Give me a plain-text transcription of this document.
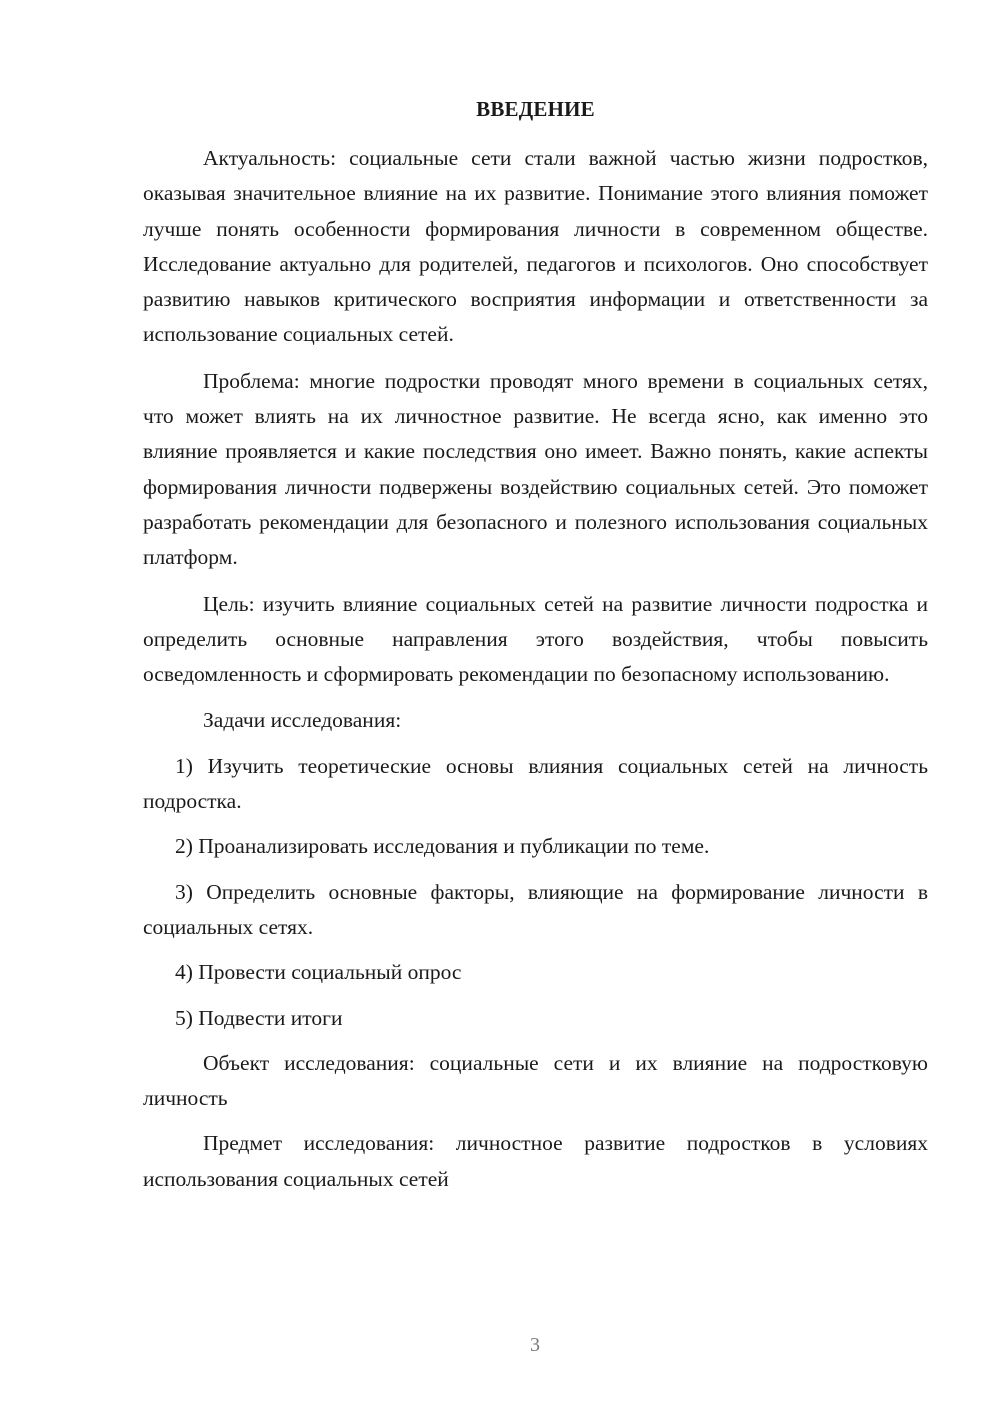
ВВЕДЕНИЕ

Актуальность: социальные сети стали важной частью жизни подростков, оказывая значительное влияние на их развитие. Понимание этого влияния поможет лучше понять особенности формирования личности в современном обществе. Исследование актуально для родителей, педагогов и психологов. Оно способствует развитию навыков критического восприятия информации и ответственности за использование социальных сетей.

Проблема: многие подростки проводят много времени в социальных сетях, что может влиять на их личностное развитие. Не всегда ясно, как именно это влияние проявляется и какие последствия оно имеет. Важно понять, какие аспекты формирования личности подвержены воздействию социальных сетей. Это поможет разработать рекомендации для безопасного и полезного использования социальных платформ.

Цель: изучить влияние социальных сетей на развитие личности подростка и определить основные направления этого воздействия, чтобы повысить осведомленность и сформировать рекомендации по безопасному использованию.

Задачи исследования:

1) Изучить теоретические основы влияния социальных сетей на личность подростка.

2) Проанализировать исследования и публикации по теме.

3) Определить основные факторы, влияющие на формирование личности в социальных сетях.

4) Провести социальный опрос

5) Подвести итоги

Объект исследования: социальные сети и их влияние на подростковую личность

Предмет исследования: личностное развитие подростков в условиях использования социальных сетей

3
